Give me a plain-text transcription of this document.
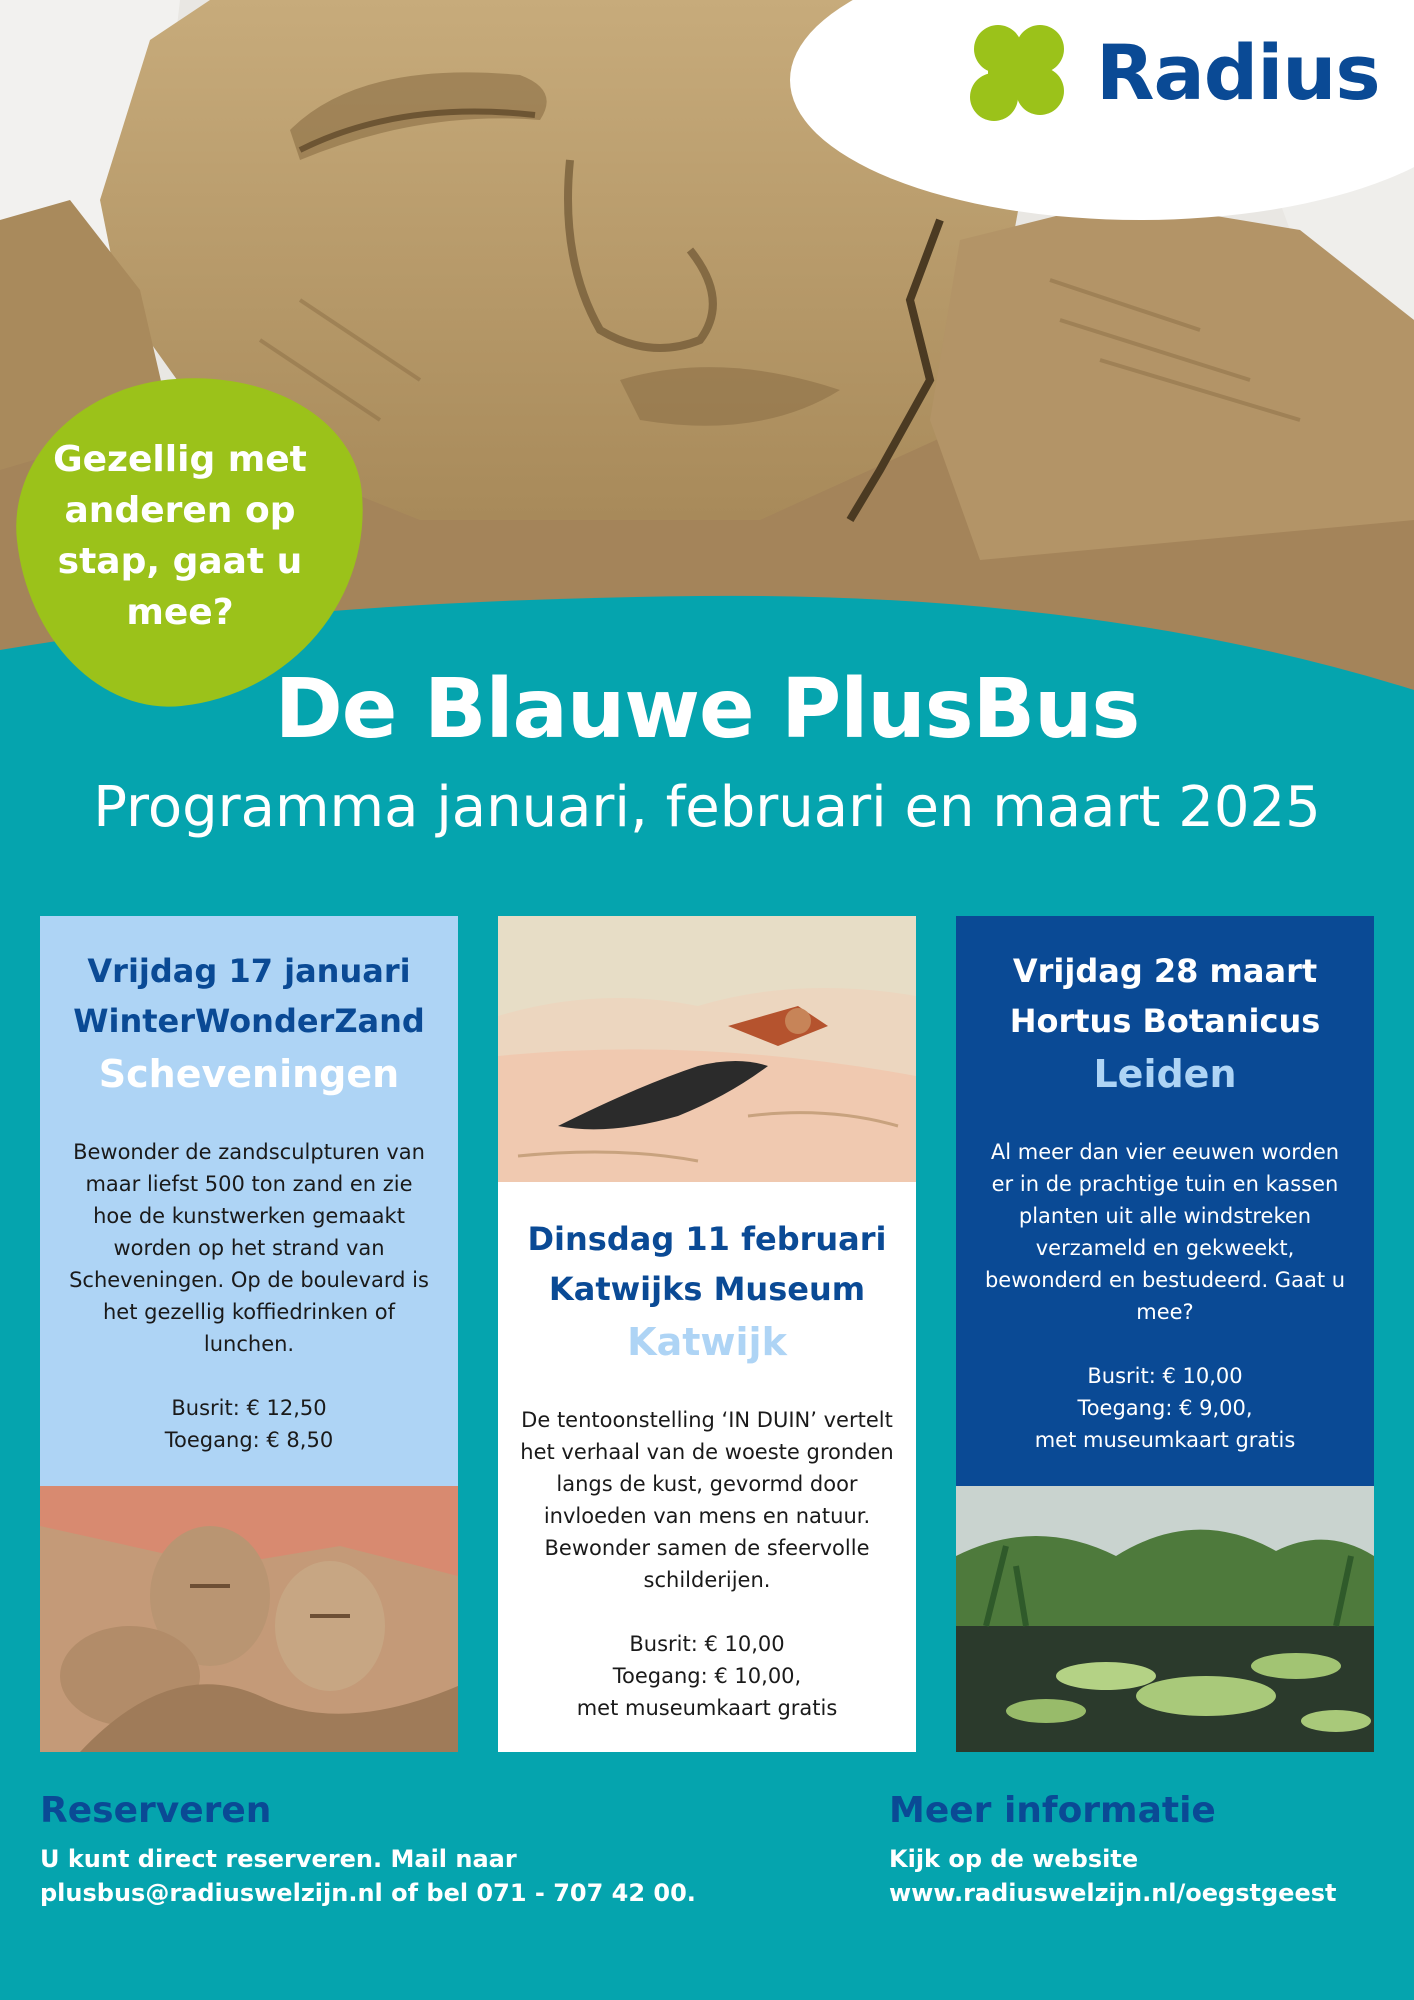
Radius
Gezellig met anderen op stap, gaat u mee?
De Blauwe PlusBus
Programma januari, februari en maart 2025
Vrijdag 17 januari
WinterWonderZand
Scheveningen
Bewonder de zandsculpturen van maar liefst 500 ton zand en zie hoe de kunstwerken gemaakt worden op het strand van Scheveningen. Op de boulevard is het gezellig koffiedrinken of lunchen.
Busrit: € 12,50
Toegang: € 8,50
Dinsdag 11 februari
Katwijks Museum
Katwijk
De tentoonstelling ‘IN DUIN’ vertelt het verhaal van de woeste gronden langs de kust, gevormd door invloeden van mens en natuur. Bewonder samen de sfeervolle schilderijen.
Busrit: € 10,00
Toegang: € 10,00,
met museumkaart gratis
Vrijdag 28 maart
Hortus Botanicus
Leiden
Al meer dan vier eeuwen worden er in de prachtige tuin en kassen planten uit alle windstreken verzameld en gekweekt, bewonderd en bestudeerd. Gaat u mee?
Busrit: € 10,00
Toegang: € 9,00,
met museumkaart gratis
Reserveren
U kunt direct reserveren. Mail naar
plusbus@radiuswelzijn.nl of bel 071 - 707 42 00.
Meer informatie
Kijk op de website
www.radiuswelzijn.nl/oegstgeest
